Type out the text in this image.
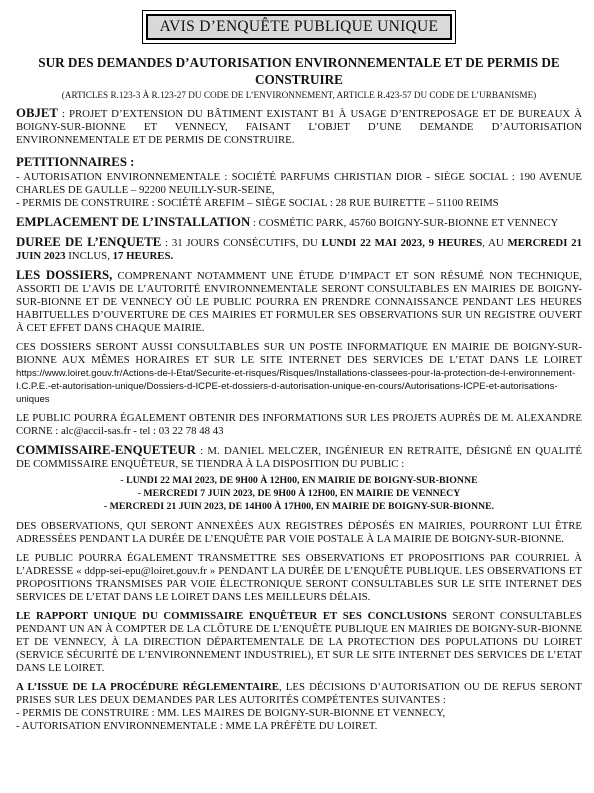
AVIS D’ENQUÊTE PUBLIQUE UNIQUE
SUR DES DEMANDES D’AUTORISATION ENVIRONNEMENTALE ET DE PERMIS DE CONSTRUIRE

(ARTICLES R.123-3 À R.123-27 DU CODE DE L’ENVIRONNEMENT, ARTICLE R.423-57 DU CODE DE L’URBANISME)

OBJET : PROJET D’EXTENSION DU BÂTIMENT EXISTANT B1 À USAGE D’ENTREPOSAGE ET DE BUREAUX À BOIGNY-SUR-BIONNE ET VENNECY, FAISANT L’OBJET D’UNE DEMANDE D’AUTORISATION ENVIRONNEMENTALE ET DE PERMIS DE CONSTRUIRE.

PETITIONNAIRES :

- AUTORISATION ENVIRONNEMENTALE : SOCIÉTÉ PARFUMS CHRISTIAN DIOR - SIÈGE SOCIAL : 190 AVENUE CHARLES DE GAULLE – 92200 NEUILLY-SUR-SEINE,

- PERMIS DE CONSTRUIRE : SOCIÉTÉ AREFIM – SIÈGE SOCIAL : 28 RUE BUIRETTE – 51100 REIMS

EMPLACEMENT DE L’INSTALLATION : COSMÉTIC PARK, 45760 BOIGNY-SUR-BIONNE ET VENNECY

DUREE DE L’ENQUETE : 31 JOURS CONSÉCUTIFS, DU LUNDI 22 MAI 2023, 9 HEURES, AU MERCREDI 21 JUIN 2023 INCLUS, 17 HEURES.

LES DOSSIERS, COMPRENANT NOTAMMENT UNE ÉTUDE D’IMPACT ET SON RÉSUMÉ NON TECHNIQUE, ASSORTI DE L’AVIS DE L’AUTORITÉ ENVIRONNEMENTALE SERONT CONSULTABLES EN MAIRIES DE BOIGNY-SUR-BIONNE ET DE VENNECY OÙ LE PUBLIC POURRA EN PRENDRE CONNAISSANCE PENDANT LES HEURES HABITUELLES D’OUVERTURE DE CES MAIRIES ET FORMULER SES OBSERVATIONS SUR UN REGISTRE OUVERT À CET EFFET DANS CHAQUE MAIRIE.

CES DOSSIERS SERONT AUSSI CONSULTABLES SUR UN POSTE INFORMATIQUE EN MAIRIE DE BOIGNY-SUR-BIONNE AUX MÊMES HORAIRES ET SUR LE SITE INTERNET DES SERVICES DE L’ETAT DANS LE LOIRET https://www.loiret.gouv.fr/Actions-de-l-Etat/Securite-et-risques/Risques/Installations-classees-pour-la-protection-de-l-environnement-I.C.P.E.-et-autorisation-unique/Dossiers-d-ICPE-et-dossiers-d-autorisation-unique-en-cours/Autorisations-ICPE-et-autorisations-uniques

LE PUBLIC POURRA ÉGALEMENT OBTENIR DES INFORMATIONS SUR LES PROJETS AUPRÈS DE M. ALEXANDRE CORNE : alc@accil-sas.fr - tel : 03 22 78 48 43

COMMISSAIRE-ENQUETEUR : M. DANIEL MELCZER, INGÉNIEUR EN RETRAITE, DÉSIGNÉ EN QUALITÉ DE COMMISSAIRE ENQUÊTEUR, SE TIENDRA À LA DISPOSITION DU PUBLIC :

- LUNDI 22 MAI 2023, DE 9H00 À 12H00, EN MAIRIE DE BOIGNY-SUR-BIONNE
- MERCREDI 7 JUIN 2023, DE 9H00 À 12H00, EN MAIRIE DE VENNECY
- MERCREDI 21 JUIN 2023, DE 14H00 À 17H00, EN MAIRIE DE BOIGNY-SUR-BIONNE.

DES OBSERVATIONS, QUI SERONT ANNEXÉES AUX REGISTRES DÉPOSÉS EN MAIRIES, POURRONT LUI ÊTRE ADRESSÉES PENDANT LA DURÉE DE L’ENQUÊTE PAR VOIE POSTALE À LA MAIRIE DE BOIGNY-SUR-BIONNE.

LE PUBLIC POURRA ÉGALEMENT TRANSMETTRE SES OBSERVATIONS ET PROPOSITIONS PAR COURRIEL À L’ADRESSE « ddpp-sei-epu@loiret.gouv.fr » PENDANT LA DURÉE DE L’ENQUÊTE PUBLIQUE. LES OBSERVATIONS ET PROPOSITIONS TRANSMISES PAR VOIE ÉLECTRONIQUE SERONT CONSULTABLES SUR LE SITE INTERNET DES SERVICES DE L’ETAT DANS LE LOIRET DANS LES MEILLEURS DÉLAIS.

LE RAPPORT UNIQUE DU COMMISSAIRE ENQUÊTEUR ET SES CONCLUSIONS SERONT CONSULTABLES PENDANT UN AN À COMPTER DE LA CLÔTURE DE L’ENQUÊTE PUBLIQUE EN MAIRIES DE BOIGNY-SUR-BIONNE ET DE VENNECY, À LA DIRECTION DÉPARTEMENTALE DE LA PROTECTION DES POPULATIONS DU LOIRET (SERVICE SÉCURITÉ DE L’ENVIRONNEMENT INDUSTRIEL), ET SUR LE SITE INTERNET DES SERVICES DE L’ETAT DANS LE LOIRET.

A L’ISSUE DE LA PROCÉDURE RÉGLEMENTAIRE, LES DÉCISIONS D’AUTORISATION OU DE REFUS SERONT PRISES SUR LES DEUX DEMANDES PAR LES AUTORITÉS COMPÉTENTES SUIVANTES :

- PERMIS DE CONSTRUIRE : MM. LES MAIRES DE BOIGNY-SUR-BIONNE ET VENNECY,

- AUTORISATION ENVIRONNEMENTALE : MME LA PRÉFÈTE DU LOIRET.
